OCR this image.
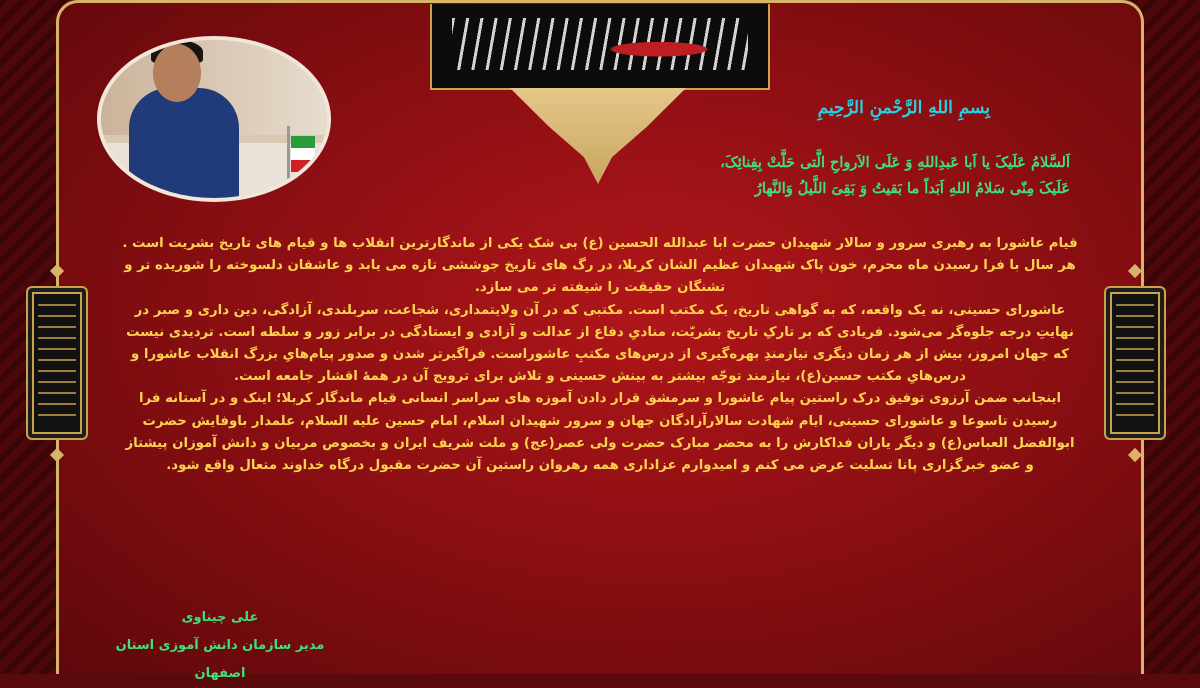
بِسمِ اللهِ الرَّحْمنِ الرَّحِیمِ
اَلسَّلامُ عَلَیکَ یا اَبا عَبدِاللهِ وَ عَلَی الاَرواحِ الَّتی حَلَّتْ بِفِنائِکَ،
عَلَیکَ مِنّی سَلامُ اللهِ اَبَداً ما بَقیتُ وَ بَقِیَ اللَّیلُ وَالنَّهارُ

قیام عاشورا به رهبری سرور و سالار شهیدان حضرت ابا عبدالله الحسین (ع) بی شک یکی از ماندگارترین انقلاب ها و قیام های تاریخ بشریت است . هر سال با فرا رسیدن ماه محرم، خون پاک شهیدان عظیم الشان کربلا، در رگ های تاریخ جوششی تازه می یابد و عاشقان دلسوخته را شوریده تر و تشنگان حقیقت را شیفته تر می سازد.

عاشورای حسینی، نه یک واقعه، که به گواهی تاریخ، یک مکتب است. مکتبی که در آن ولایتمداری، شجاعت، سربلندی، آزادگی، دین داری و صبر در نهایتِ درجه جلوه‌گر می‌شود. فریادی که بر تارکِ تاریخ بشریّت، منادیِ دفاع از عدالت و آزادی و ایستادگی در برابر زور و سلطه است. تردیدی نیست که جهان امروز، بیش از هر زمان دیگری نیازمندِ بهره‌گیری از درس‌های مکتبِ عاشوراست. فراگیرتر شدن و صدور پیام‌هایِ بزرگ انقلاب عاشورا و درس‌هایِ مکتب حسین(ع)، نیازمند توجّه بیشتر به بینش حسینی و تلاش برای ترویج آن در همهٔ اقشار جامعه است.

اینجانب ضمن آرزوی توفیق درک راستین پیام عاشورا و سرمشق قرار دادن آموزه های سراسر انسانی قیام ماندگار کربلا؛ اینک و در آستانه فرا رسیدن تاسوعا و عاشورای حسینی، ایام شهادت سالارآزادگان جهان و سرور شهیدان اسلام، امام حسین علیه السلام، علمدار باوفایش حضرت ابوالفضل العباس(ع) و دیگر یاران فداکارش را به محضر مبارک حضرت ولی عصر(عج) و ملت شریف ایران و بخصوص مربیان و دانش آموزان پیشتاز و عضو خبرگزاری پانا تسلیت عرض می کنم و امیدوارم عزاداری همه رهروان راستین آن حضرت مقبول درگاه خداوند متعال واقع شود.

علی چیناوی
مدیر سازمان دانش آموزی استان اصفهان
